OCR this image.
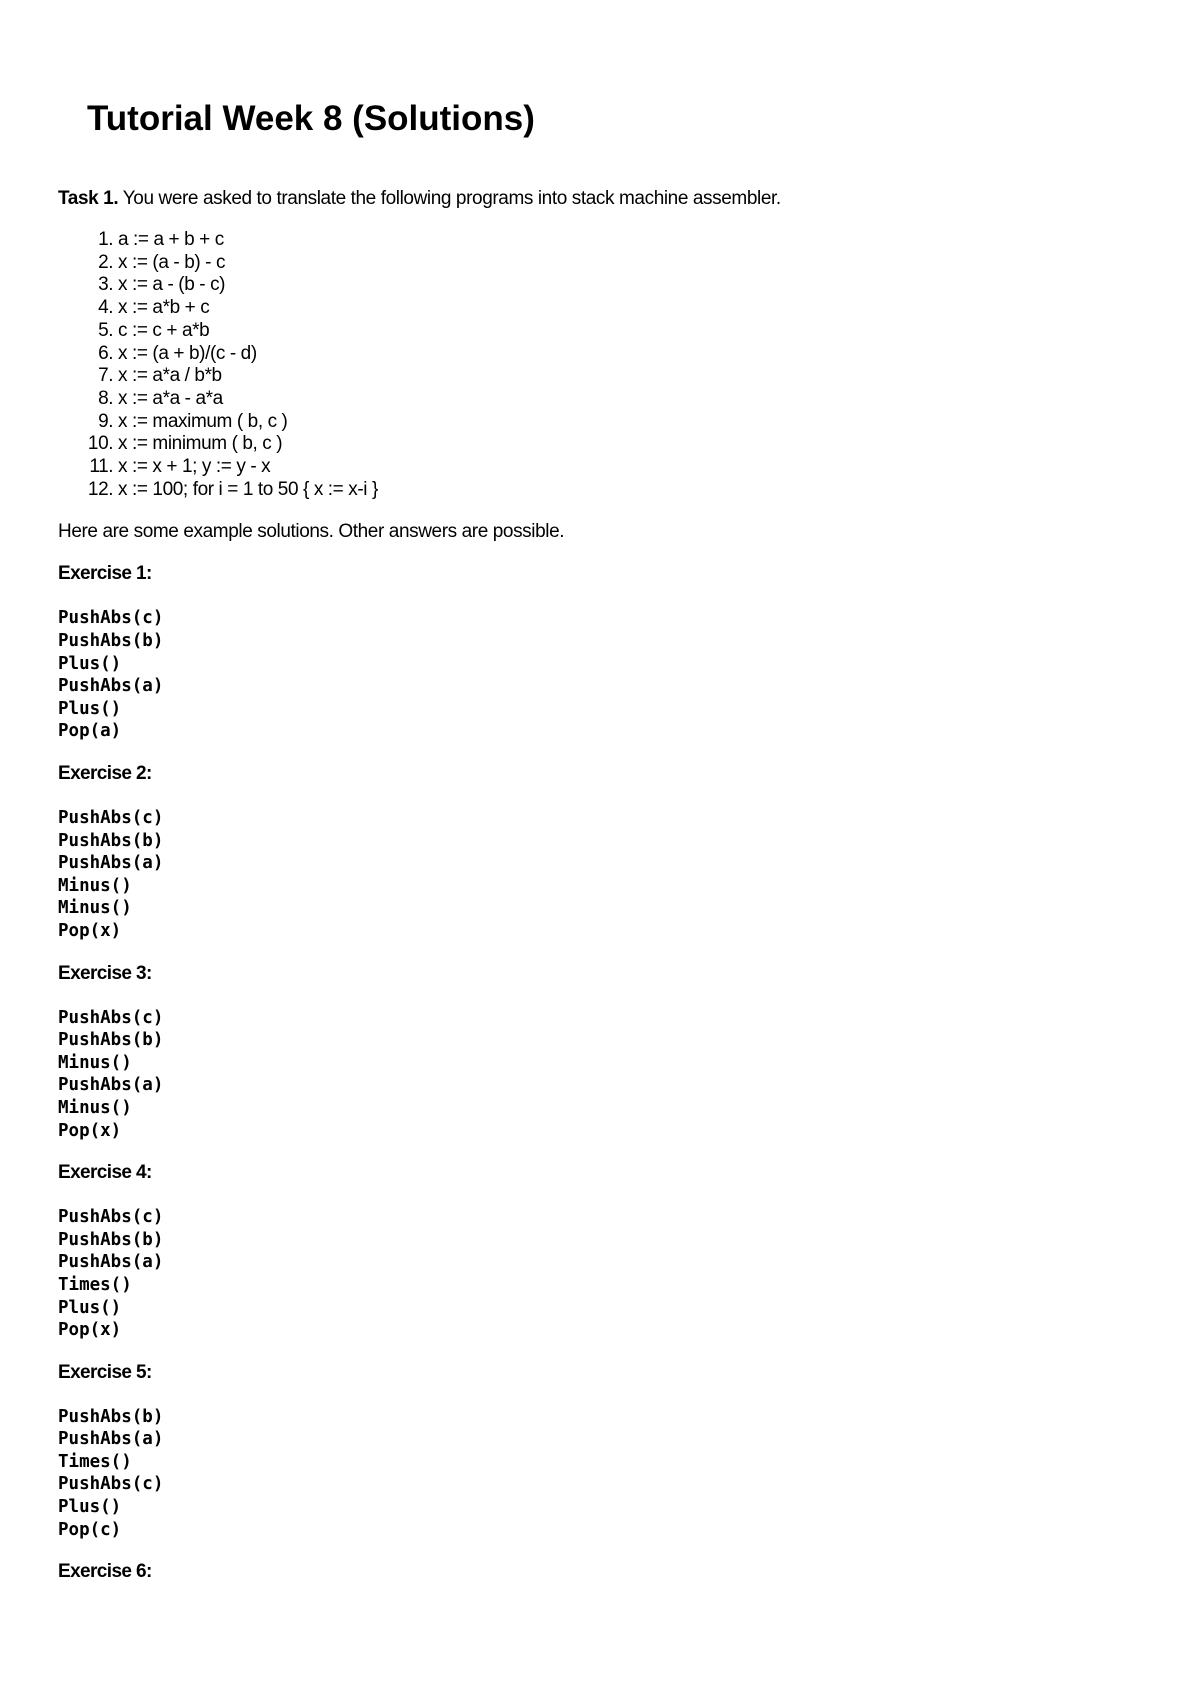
Tutorial Week 8 (Solutions)

Task 1. You were asked to translate the following programs into stack machine assembler.

1. a := a + b + c
2. x := (a - b) - c
3. x := a - (b - c)
4. x := a*b + c
5. c := c + a*b
6. x := (a + b)/(c - d)
7. x := a*a / b*b
8. x := a*a - a*a
9. x := maximum ( b, c )
10. x := minimum ( b, c )
11. x := x + 1; y := y - x
12. x := 100; for i = 1 to 50 { x := x-i }

Here are some example solutions. Other answers are possible.

Exercise 1:
PushAbs(c)
PushAbs(b)
Plus()
PushAbs(a)
Plus()
Pop(a)
Exercise 2:
PushAbs(c)
PushAbs(b)
PushAbs(a)
Minus()
Minus()
Pop(x)
Exercise 3:
PushAbs(c)
PushAbs(b)
Minus()
PushAbs(a)
Minus()
Pop(x)
Exercise 4:
PushAbs(c)
PushAbs(b)
PushAbs(a)
Times()
Plus()
Pop(x)
Exercise 5:
PushAbs(b)
PushAbs(a)
Times()
PushAbs(c)
Plus()
Pop(c)
Exercise 6:
